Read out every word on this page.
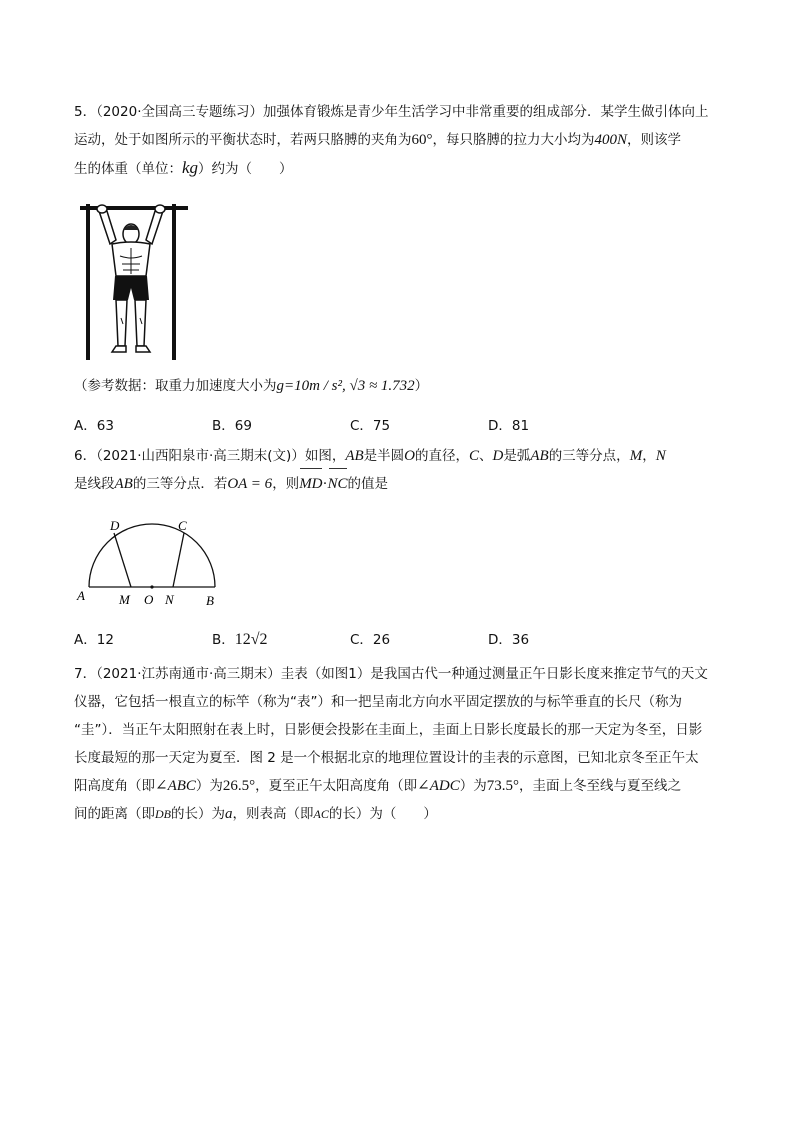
5．（2020·全国高三专题练习）加强体育锻炼是青少年生活学习中非常重要的组成部分．某学生做引体向上
运动，处于如图所示的平衡状态时，若两只胳膊的夹角为60°，每只胳膊的拉力大小均为400N，则该学
生的体重（单位：kg）约为（　　）
（参考数据：取重力加速度大小为g=10m / s², √3 ≈ 1.732）
A．63	B．69	C．75	D．81
6．（2021·山西阳泉市·高三期末(文)）如图，AB是半圆O的直径，C、D是弧AB的三等分点，M，N
是线段AB的三等分点．若OA = 6，则MD·NC的值是
D	C
A	B
M O N
A．12	B．12√2	C．26	D．36
7．（2021·江苏南通市·高三期末）圭表（如图1）是我国古代一种通过测量正午日影长度来推定节气的天文
仪器，它包括一根直立的标竿（称为“表”）和一把呈南北方向水平固定摆放的与标竿垂直的长尺（称为
“圭”）．当正午太阳照射在表上时，日影便会投影在圭面上，圭面上日影长度最长的那一天定为冬至，日影
长度最短的那一天定为夏至．图 2 是一个根据北京的地理位置设计的圭表的示意图，已知北京冬至正午太
阳高度角（即∠ABC）为26.5°，夏至正午太阳高度角（即∠ADC）为73.5°，圭面上冬至线与夏至线之
间的距离（即DB的长）为a，则表高（即AC的长）为（　　）
